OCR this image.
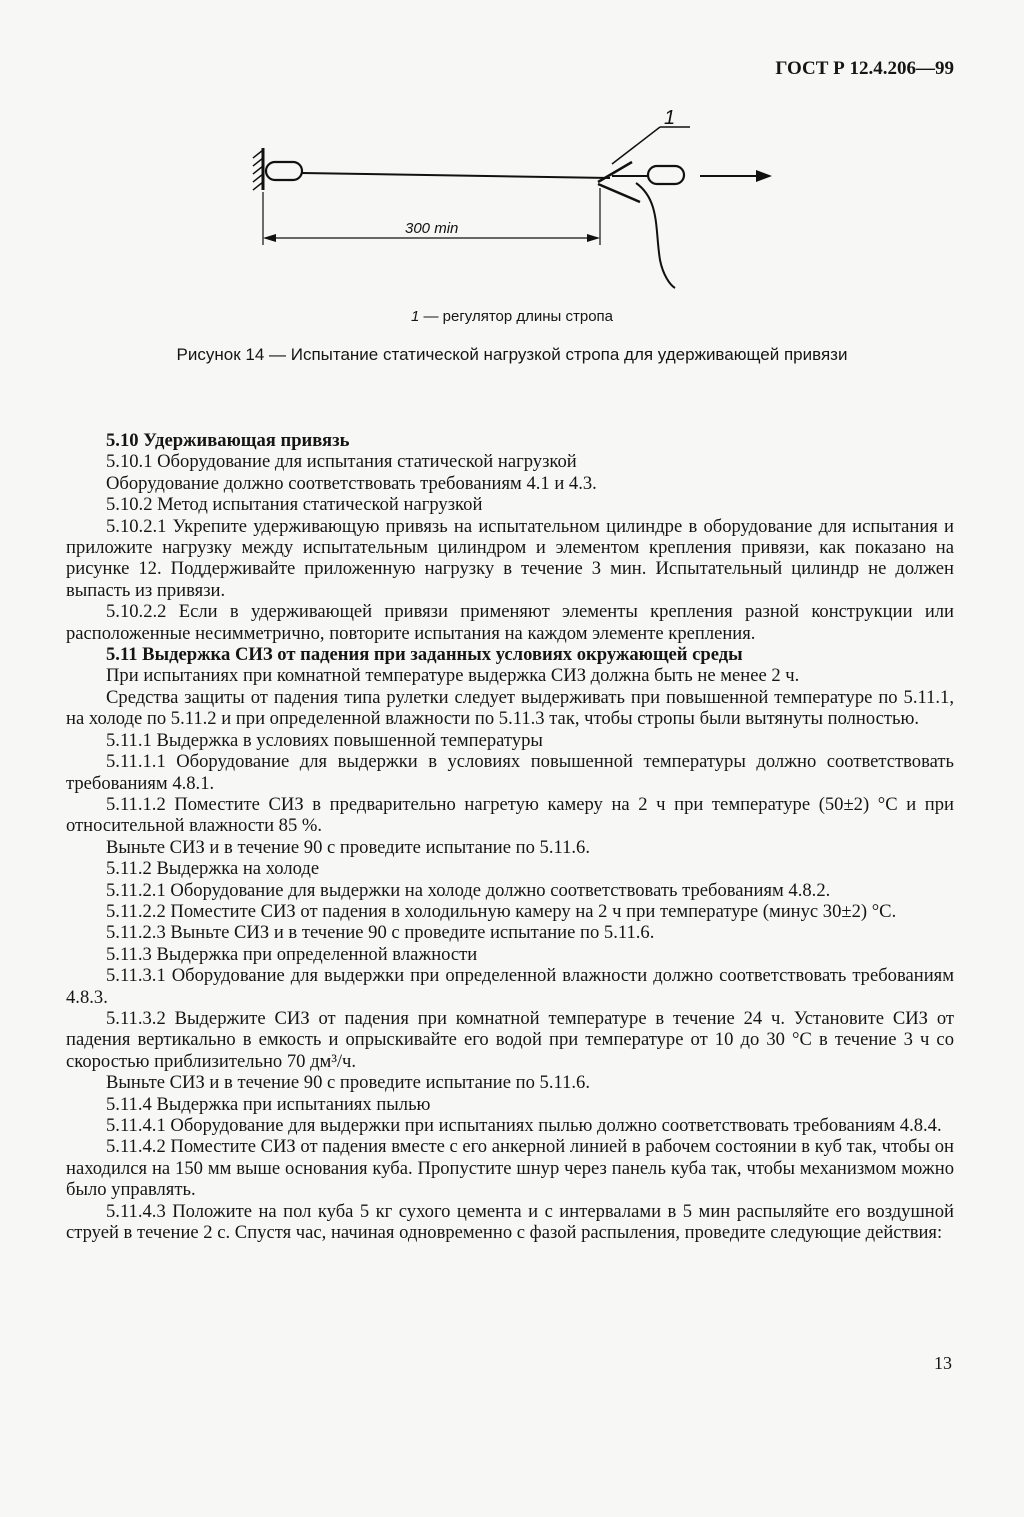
ГОСТ Р 12.4.206—99
1
300 min
1 — регулятор длины стропа
Рисунок 14 — Испытание статической нагрузкой стропа для удерживающей привязи

5.10 Удерживающая привязь

5.10.1 Оборудование для испытания статической нагрузкой

Оборудование должно соответствовать требованиям 4.1 и 4.3.

5.10.2 Метод испытания статической нагрузкой

5.10.2.1 Укрепите удерживающую привязь на испытательном цилиндре в оборудование для испытания и приложите нагрузку между испытательным цилиндром и элементом крепления привязи, как показано на рисунке 12. Поддерживайте приложенную нагрузку в течение 3 мин. Испытательный цилиндр не должен выпасть из привязи.

5.10.2.2 Если в удерживающей привязи применяют элементы крепления разной конструкции или расположенные несимметрично, повторите испытания на каждом элементе крепления.

5.11 Выдержка СИЗ от падения при заданных условиях окружающей среды

При испытаниях при комнатной температуре выдержка СИЗ должна быть не менее 2 ч.

Средства защиты от падения типа рулетки следует выдерживать при повышенной температуре по 5.11.1, на холоде по 5.11.2 и при определенной влажности по 5.11.3 так, чтобы стропы были вытянуты полностью.

5.11.1 Выдержка в условиях повышенной температуры

5.11.1.1 Оборудование для выдержки в условиях повышенной температуры должно соответствовать требованиям 4.8.1.

5.11.1.2 Поместите СИЗ в предварительно нагретую камеру на 2 ч при температуре (50±2) °С и при относительной влажности 85 %.

Выньте СИЗ и в течение 90 с проведите испытание по 5.11.6.

5.11.2 Выдержка на холоде

5.11.2.1 Оборудование для выдержки на холоде должно соответствовать требованиям 4.8.2.

5.11.2.2 Поместите СИЗ от падения в холодильную камеру на 2 ч при температуре (минус 30±2) °С.

5.11.2.3 Выньте СИЗ и в течение 90 с проведите испытание по 5.11.6.

5.11.3 Выдержка при определенной влажности

5.11.3.1 Оборудование для выдержки при определенной влажности должно соответствовать требованиям 4.8.3.

5.11.3.2 Выдержите СИЗ от падения при комнатной температуре в течение 24 ч. Установите СИЗ от падения вертикально в емкость и опрыскивайте его водой при температуре от 10 до 30 °С в течение 3 ч со скоростью приблизительно 70 дм³/ч.

Выньте СИЗ и в течение 90 с проведите испытание по 5.11.6.

5.11.4 Выдержка при испытаниях пылью

5.11.4.1 Оборудование для выдержки при испытаниях пылью должно соответствовать требованиям 4.8.4.

5.11.4.2 Поместите СИЗ от падения вместе с его анкерной линией в рабочем состоянии в куб так, чтобы он находился на 150 мм выше основания куба. Пропустите шнур через панель куба так, чтобы механизмом можно было управлять.

5.11.4.3 Положите на пол куба 5 кг сухого цемента и с интервалами в 5 мин распыляйте его воздушной струей в течение 2 с. Спустя час, начиная одновременно с фазой распыления, проведите следующие действия:

13
